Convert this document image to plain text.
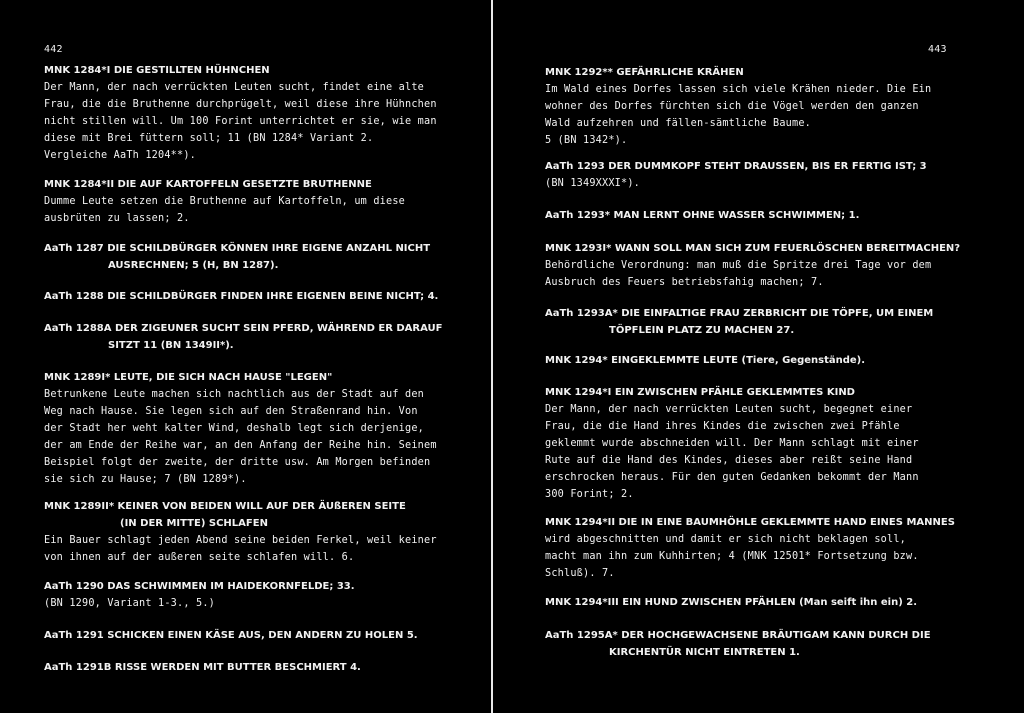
442
MNK 1284*I DIE GESTILLTEN HÜHNCHEN
Der Mann, der nach verrückten Leuten sucht, findet eine alte
Frau, die die Bruthenne durchprügelt, weil diese ihre Hühnchen
nicht stillen will. Um 100 Forint unterrichtet er sie, wie man
diese mit Brei füttern soll; 11 (BN 1284* Variant 2.
Vergleiche AaTh 1204**).
MNK 1284*II DIE AUF KARTOFFELN GESETZTE BRUTHENNE
Dumme Leute setzen die Bruthenne auf Kartoffeln, um diese
ausbrüten zu lassen; 2.
AaTh 1287 DIE SCHILDBÜRGER KÖNNEN IHRE EIGENE ANZAHL NICHT
AUSRECHNEN; 5 (H, BN 1287).
AaTh 1288 DIE SCHILDBÜRGER FINDEN IHRE EIGENEN BEINE NICHT; 4.
AaTh 1288A DER ZIGEUNER SUCHT SEIN PFERD, WÄHREND ER DARAUF
SITZT 11 (BN 1349II*).
MNK 1289I* LEUTE, DIE SICH NACH HAUSE "LEGEN"
Betrunkene Leute machen sich nachtlich aus der Stadt auf den
Weg nach Hause. Sie legen sich auf den Straßenrand hin. Von
der Stadt her weht kalter Wind, deshalb legt sich derjenige,
der am Ende der Reihe war, an den Anfang der Reihe hin. Seinem
Beispiel folgt der zweite, der dritte usw. Am Morgen befinden
sie sich zu Hause; 7 (BN 1289*).
MNK 1289II* KEINER VON BEIDEN WILL AUF DER ÄUßEREN SEITE
(IN DER MITTE) SCHLAFEN
Ein Bauer schlagt jeden Abend seine beiden Ferkel, weil keiner
von ihnen auf der außeren seite schlafen will. 6.
AaTh 1290 DAS SCHWIMMEN IM HAIDEKORNFELDE; 33.
(BN 1290, Variant 1-3., 5.)
AaTh 1291 SCHICKEN EINEN KÄSE AUS, DEN ANDERN ZU HOLEN 5.
AaTh 1291B RISSE WERDEN MIT BUTTER BESCHMIERT 4.
443
MNK 1292** GEFÄHRLICHE KRÄHEN
Im Wald eines Dorfes lassen sich viele Krähen nieder. Die Ein
wohner des Dorfes fürchten sich die Vögel werden den ganzen
Wald aufzehren und fällen-sämtliche Baume.
5 (BN 1342*).
AaTh 1293 DER DUMMKOPF STEHT DRAUSSEN, BIS ER FERTIG IST; 3
(BN 1349XXXI*).
AaTh 1293* MAN LERNT OHNE WASSER SCHWIMMEN; 1.
MNK 1293I* WANN SOLL MAN SICH ZUM FEUERLÖSCHEN BEREITMACHEN?
Behördliche Verordnung: man muß die Spritze drei Tage vor dem
Ausbruch des Feuers betriebsfahig machen; 7.
AaTh 1293A* DIE EINFALTIGE FRAU ZERBRICHT DIE TÖPFE, UM EINEM
TÖPFLEIN PLATZ ZU MACHEN 27.
MNK 1294* EINGEKLEMMTE LEUTE (Tiere, Gegenstände).
MNK 1294*I EIN ZWISCHEN PFÄHLE GEKLEMMTES KIND
Der Mann, der nach verrückten Leuten sucht, begegnet einer
Frau, die die Hand ihres Kindes die zwischen zwei Pfähle
geklemmt wurde abschneiden will. Der Mann schlagt mit einer
Rute auf die Hand des Kindes, dieses aber reißt seine Hand
erschrocken heraus. Für den guten Gedanken bekommt der Mann
300 Forint; 2.
MNK 1294*II DIE IN EINE BAUMHÖHLE GEKLEMMTE HAND EINES MANNES
wird abgeschnitten und damit er sich nicht beklagen soll,
macht man ihn zum Kuhhirten; 4 (MNK 12501* Fortsetzung bzw.
Schluß). 7.
MNK 1294*III EIN HUND ZWISCHEN PFÄHLEN (Man seift ihn ein) 2.
AaTh 1295A* DER HOCHGEWACHSENE BRÄUTIGAM KANN DURCH DIE
KIRCHENTÜR NICHT EINTRETEN 1.
